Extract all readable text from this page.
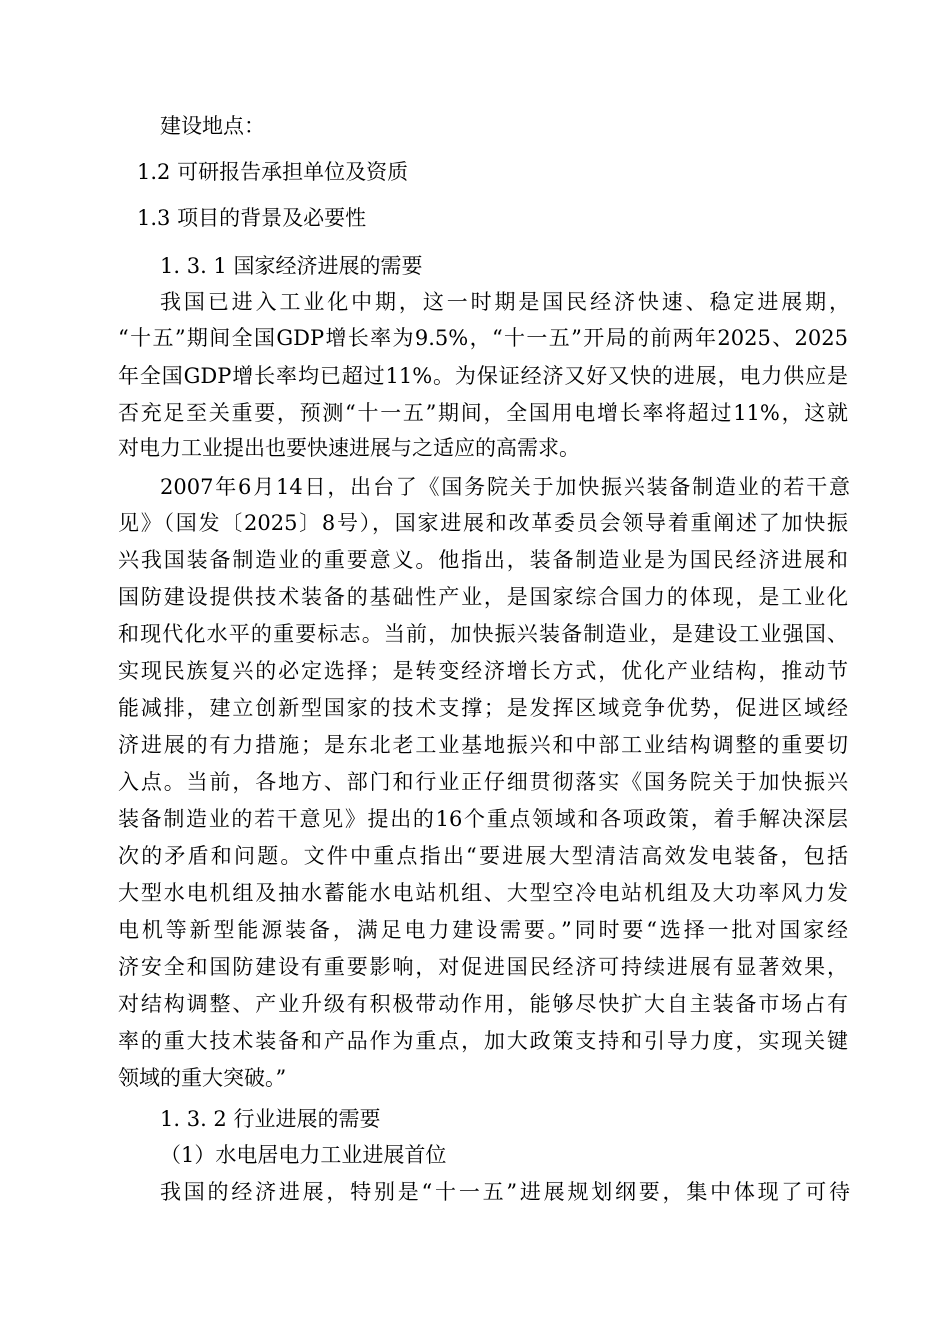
建设地点：
1.2 可研报告承担单位及资质
1.3 项目的背景及必要性
1. 3. 1 国家经济进展的需要
我国已进入工业化中期，这一时期是国民经济快速、稳定进展期，
“十五”期间全国GDP增长率为9.5%，“十一五”开局的前两年2025、2025
年全国GDP增长率均已超过11%。为保证经济又好又快的进展，电力供应是
否充足至关重要，预测“十一五”期间，全国用电增长率将超过11%，这就
对电力工业提出也要快速进展与之适应的高需求。
2007年6月14日，出台了《国务院关于加快振兴装备制造业的若干意
见》（国发〔2025〕8号），国家进展和改革委员会领导着重阐述了加快振
兴我国装备制造业的重要意义。他指出，装备制造业是为国民经济进展和
国防建设提供技术装备的基础性产业，是国家综合国力的体现，是工业化
和现代化水平的重要标志。当前，加快振兴装备制造业，是建设工业强国、
实现民族复兴的必定选择；是转变经济增长方式，优化产业结构，推动节
能减排，建立创新型国家的技术支撑；是发挥区域竞争优势，促进区域经
济进展的有力措施；是东北老工业基地振兴和中部工业结构调整的重要切
入点。当前，各地方、部门和行业正仔细贯彻落实《国务院关于加快振兴
装备制造业的若干意见》提出的16个重点领域和各项政策，着手解决深层
次的矛盾和问题。文件中重点指出“要进展大型清洁高效发电装备，包括
大型水电机组及抽水蓄能水电站机组、大型空冷电站机组及大功率风力发
电机等新型能源装备，满足电力建设需要。”同时要“选择一批对国家经
济安全和国防建设有重要影响，对促进国民经济可持续进展有显著效果，
对结构调整、产业升级有积极带动作用，能够尽快扩大自主装备市场占有
率的重大技术装备和产品作为重点，加大政策支持和引导力度，实现关键
领域的重大突破。”
1. 3. 2 行业进展的需要
（1）水电居电力工业进展首位
我国的经济进展，特别是“十一五”进展规划纲要，集中体现了可待
